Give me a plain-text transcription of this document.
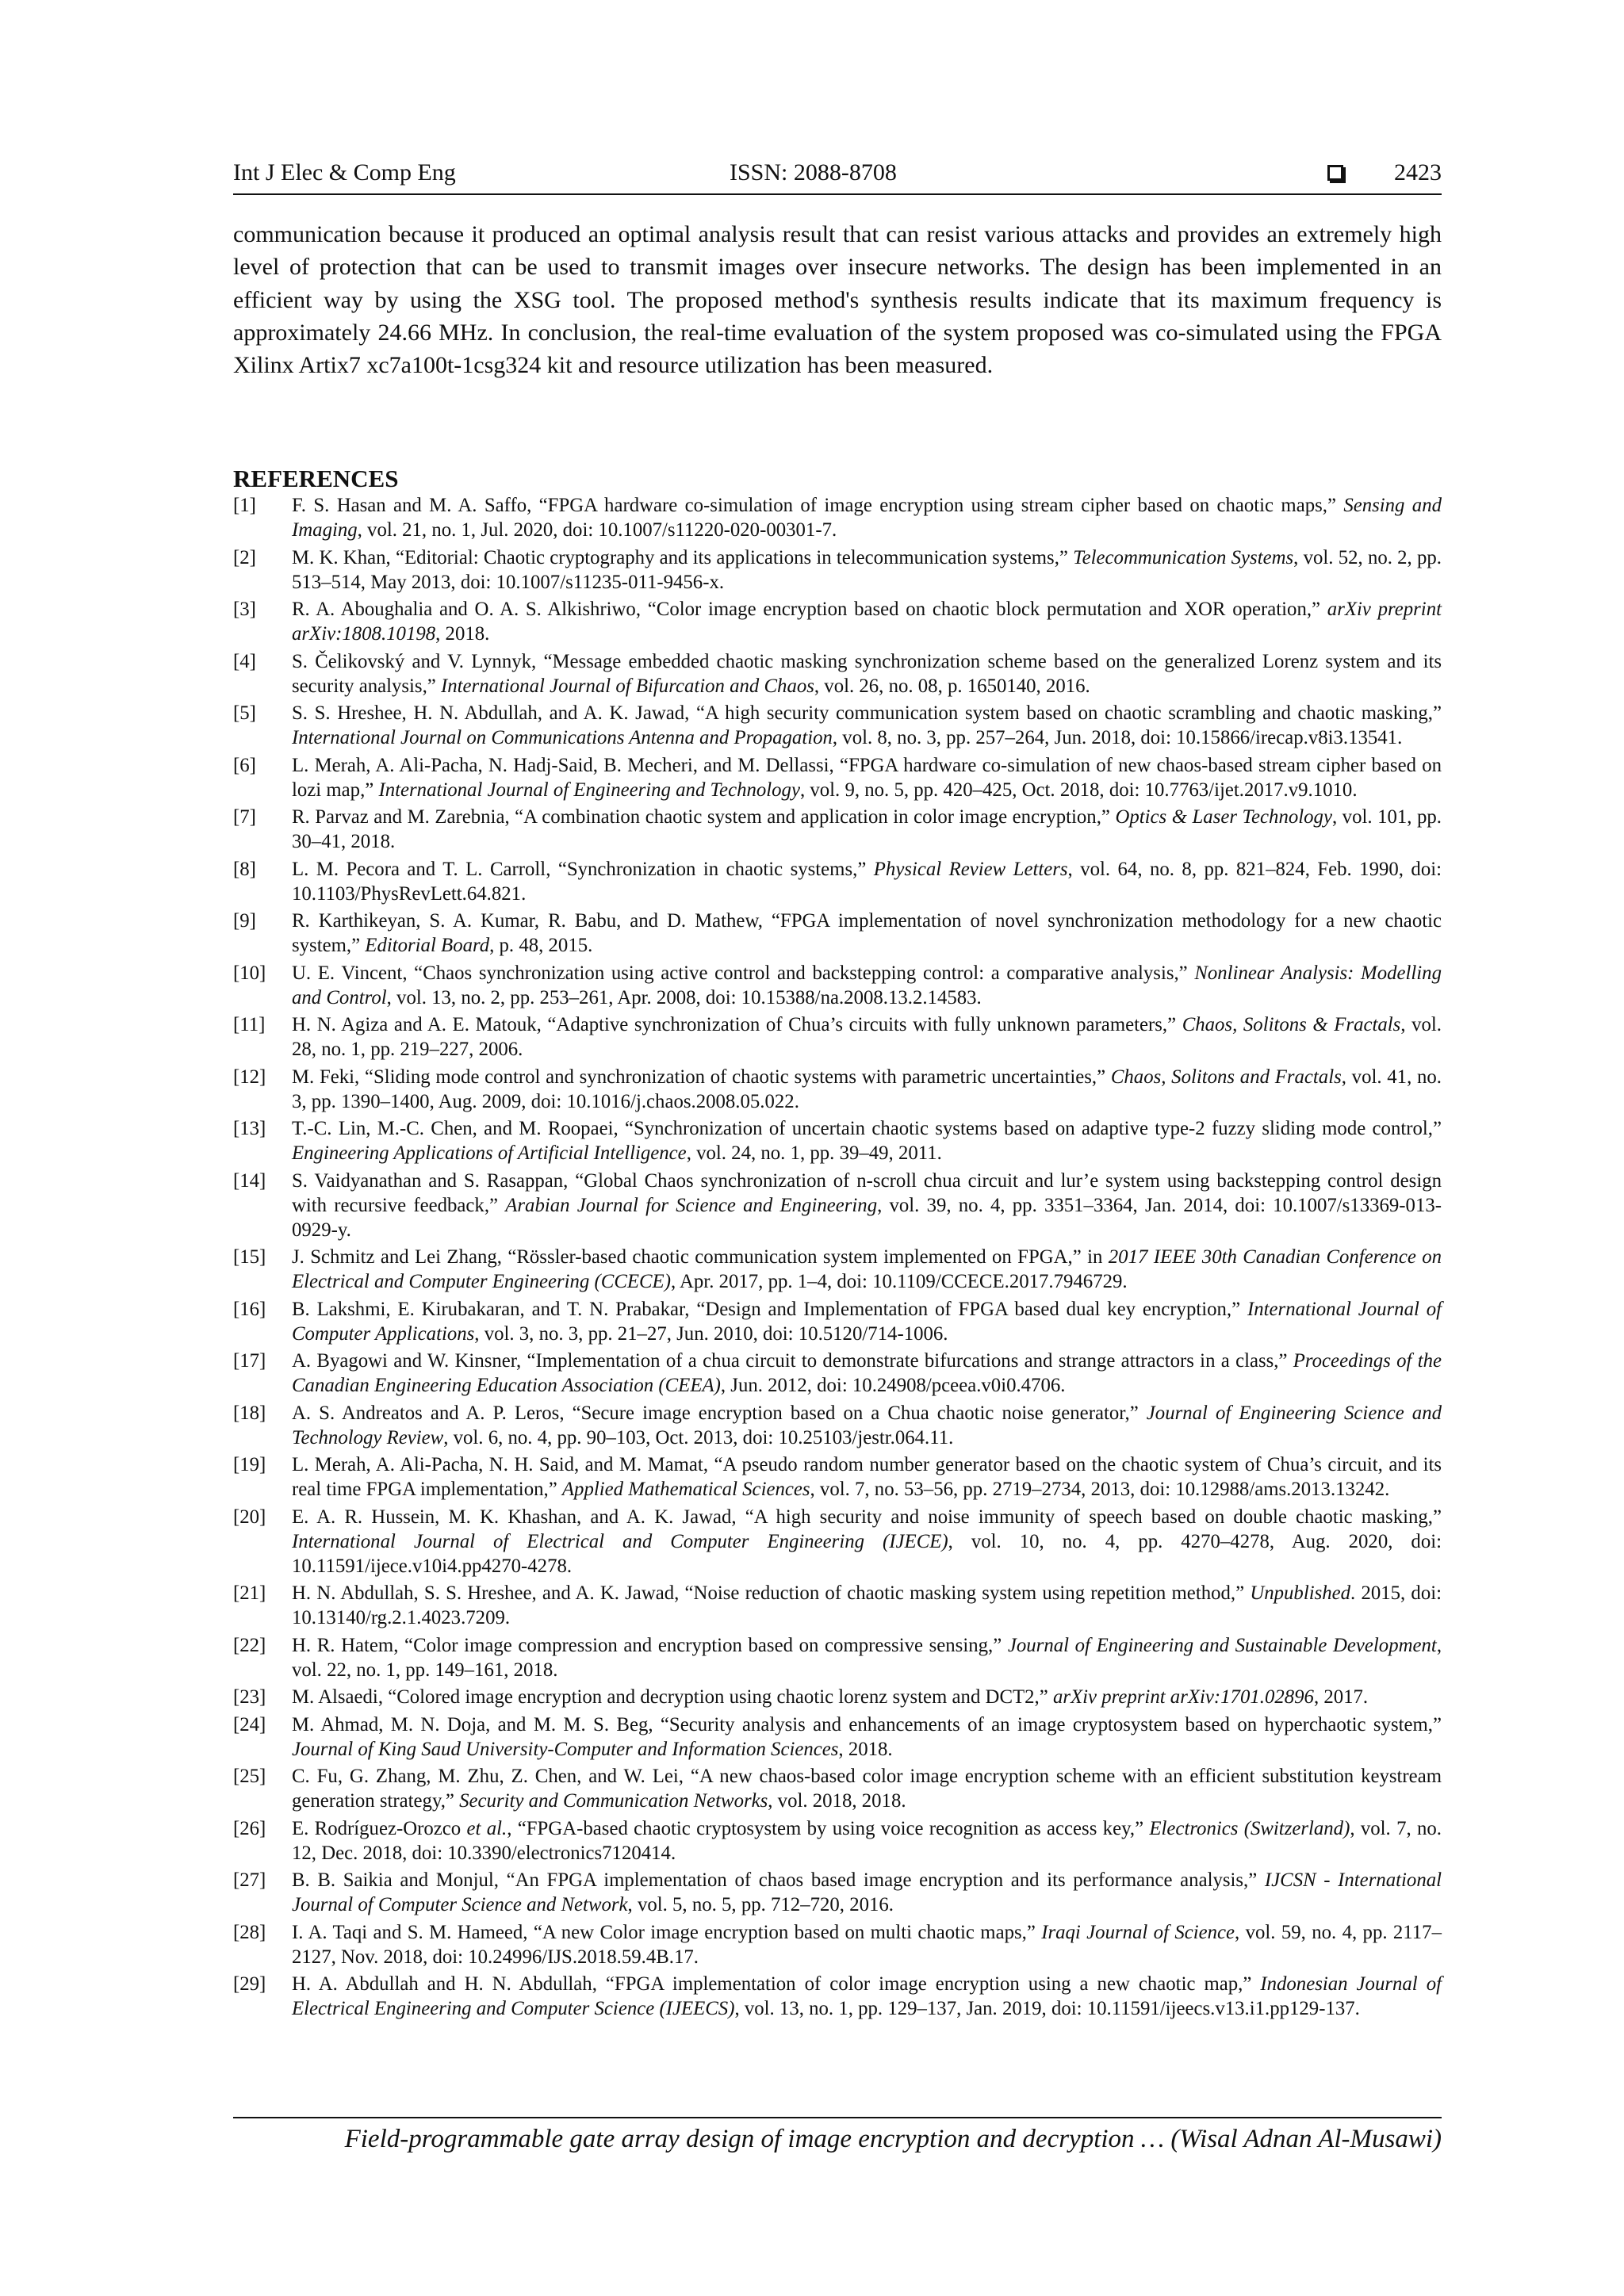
Int J Elec & Comp Eng	ISSN: 2088-8708	2423
communication because it produced an optimal analysis result that can resist various attacks and provides an extremely high level of protection that can be used to transmit images over insecure networks. The design has been implemented in an efficient way by using the XSG tool. The proposed method's synthesis results indicate that its maximum frequency is approximately 24.66 MHz. In conclusion, the real-time evaluation of the system proposed was co-simulated using the FPGA Xilinx Artix7 xc7a100t-1csg324 kit and resource utilization has been measured.
REFERENCES
[1]	F. S. Hasan and M. A. Saffo, “FPGA hardware co-simulation of image encryption using stream cipher based on chaotic maps,” Sensing and Imaging, vol. 21, no. 1, Jul. 2020, doi: 10.1007/s11220-020-00301-7.
[2]	M. K. Khan, “Editorial: Chaotic cryptography and its applications in telecommunication systems,” Telecommunication Systems, vol. 52, no. 2, pp. 513–514, May 2013, doi: 10.1007/s11235-011-9456-x.
[3]	R. A. Aboughalia and O. A. S. Alkishriwo, “Color image encryption based on chaotic block permutation and XOR operation,” arXiv preprint arXiv:1808.10198, 2018.
[4]	S. Čelikovský and V. Lynnyk, “Message embedded chaotic masking synchronization scheme based on the generalized Lorenz system and its security analysis,” International Journal of Bifurcation and Chaos, vol. 26, no. 08, p. 1650140, 2016.
[5]	S. S. Hreshee, H. N. Abdullah, and A. K. Jawad, “A high security communication system based on chaotic scrambling and chaotic masking,” International Journal on Communications Antenna and Propagation, vol. 8, no. 3, pp. 257–264, Jun. 2018, doi: 10.15866/irecap.v8i3.13541.
[6]	L. Merah, A. Ali-Pacha, N. Hadj-Said, B. Mecheri, and M. Dellassi, “FPGA hardware co-simulation of new chaos-based stream cipher based on lozi map,” International Journal of Engineering and Technology, vol. 9, no. 5, pp. 420–425, Oct. 2018, doi: 10.7763/ijet.2017.v9.1010.
[7]	R. Parvaz and M. Zarebnia, “A combination chaotic system and application in color image encryption,” Optics & Laser Technology, vol. 101, pp. 30–41, 2018.
[8]	L. M. Pecora and T. L. Carroll, “Synchronization in chaotic systems,” Physical Review Letters, vol. 64, no. 8, pp. 821–824, Feb. 1990, doi: 10.1103/PhysRevLett.64.821.
[9]	R. Karthikeyan, S. A. Kumar, R. Babu, and D. Mathew, “FPGA implementation of novel synchronization methodology for a new chaotic system,” Editorial Board, p. 48, 2015.
[10]	U. E. Vincent, “Chaos synchronization using active control and backstepping control: a comparative analysis,” Nonlinear Analysis: Modelling and Control, vol. 13, no. 2, pp. 253–261, Apr. 2008, doi: 10.15388/na.2008.13.2.14583.
[11]	H. N. Agiza and A. E. Matouk, “Adaptive synchronization of Chua’s circuits with fully unknown parameters,” Chaos, Solitons & Fractals, vol. 28, no. 1, pp. 219–227, 2006.
[12]	M. Feki, “Sliding mode control and synchronization of chaotic systems with parametric uncertainties,” Chaos, Solitons and Fractals, vol. 41, no. 3, pp. 1390–1400, Aug. 2009, doi: 10.1016/j.chaos.2008.05.022.
[13]	T.-C. Lin, M.-C. Chen, and M. Roopaei, “Synchronization of uncertain chaotic systems based on adaptive type-2 fuzzy sliding mode control,” Engineering Applications of Artificial Intelligence, vol. 24, no. 1, pp. 39–49, 2011.
[14]	S. Vaidyanathan and S. Rasappan, “Global Chaos synchronization of n-scroll chua circuit and lur’e system using backstepping control design with recursive feedback,” Arabian Journal for Science and Engineering, vol. 39, no. 4, pp. 3351–3364, Jan. 2014, doi: 10.1007/s13369-013-0929-y.
[15]	J. Schmitz and Lei Zhang, “Rössler-based chaotic communication system implemented on FPGA,” in 2017 IEEE 30th Canadian Conference on Electrical and Computer Engineering (CCECE), Apr. 2017, pp. 1–4, doi: 10.1109/CCECE.2017.7946729.
[16]	B. Lakshmi, E. Kirubakaran, and T. N. Prabakar, “Design and Implementation of FPGA based dual key encryption,” International Journal of Computer Applications, vol. 3, no. 3, pp. 21–27, Jun. 2010, doi: 10.5120/714-1006.
[17]	A. Byagowi and W. Kinsner, “Implementation of a chua circuit to demonstrate bifurcations and strange attractors in a class,” Proceedings of the Canadian Engineering Education Association (CEEA), Jun. 2012, doi: 10.24908/pceea.v0i0.4706.
[18]	A. S. Andreatos and A. P. Leros, “Secure image encryption based on a Chua chaotic noise generator,” Journal of Engineering Science and Technology Review, vol. 6, no. 4, pp. 90–103, Oct. 2013, doi: 10.25103/jestr.064.11.
[19]	L. Merah, A. Ali-Pacha, N. H. Said, and M. Mamat, “A pseudo random number generator based on the chaotic system of Chua’s circuit, and its real time FPGA implementation,” Applied Mathematical Sciences, vol. 7, no. 53–56, pp. 2719–2734, 2013, doi: 10.12988/ams.2013.13242.
[20]	E. A. R. Hussein, M. K. Khashan, and A. K. Jawad, “A high security and noise immunity of speech based on double chaotic masking,” International Journal of Electrical and Computer Engineering (IJECE), vol. 10, no. 4, pp. 4270–4278, Aug. 2020, doi: 10.11591/ijece.v10i4.pp4270-4278.
[21]	H. N. Abdullah, S. S. Hreshee, and A. K. Jawad, “Noise reduction of chaotic masking system using repetition method,” Unpublished. 2015, doi: 10.13140/rg.2.1.4023.7209.
[22]	H. R. Hatem, “Color image compression and encryption based on compressive sensing,” Journal of Engineering and Sustainable Development, vol. 22, no. 1, pp. 149–161, 2018.
[23]	M. Alsaedi, “Colored image encryption and decryption using chaotic lorenz system and DCT2,” arXiv preprint arXiv:1701.02896, 2017.
[24]	M. Ahmad, M. N. Doja, and M. M. S. Beg, “Security analysis and enhancements of an image cryptosystem based on hyperchaotic system,” Journal of King Saud University-Computer and Information Sciences, 2018.
[25]	C. Fu, G. Zhang, M. Zhu, Z. Chen, and W. Lei, “A new chaos-based color image encryption scheme with an efficient substitution keystream generation strategy,” Security and Communication Networks, vol. 2018, 2018.
[26]	E. Rodríguez-Orozco et al., “FPGA-based chaotic cryptosystem by using voice recognition as access key,” Electronics (Switzerland), vol. 7, no. 12, Dec. 2018, doi: 10.3390/electronics7120414.
[27]	B. B. Saikia and Monjul, “An FPGA implementation of chaos based image encryption and its performance analysis,” IJCSN - International Journal of Computer Science and Network, vol. 5, no. 5, pp. 712–720, 2016.
[28]	I. A. Taqi and S. M. Hameed, “A new Color image encryption based on multi chaotic maps,” Iraqi Journal of Science, vol. 59, no. 4, pp. 2117–2127, Nov. 2018, doi: 10.24996/IJS.2018.59.4B.17.
[29]	H. A. Abdullah and H. N. Abdullah, “FPGA implementation of color image encryption using a new chaotic map,” Indonesian Journal of Electrical Engineering and Computer Science (IJEECS), vol. 13, no. 1, pp. 129–137, Jan. 2019, doi: 10.11591/ijeecs.v13.i1.pp129-137.
Field-programmable gate array design of image encryption and decryption … (Wisal Adnan Al-Musawi)
